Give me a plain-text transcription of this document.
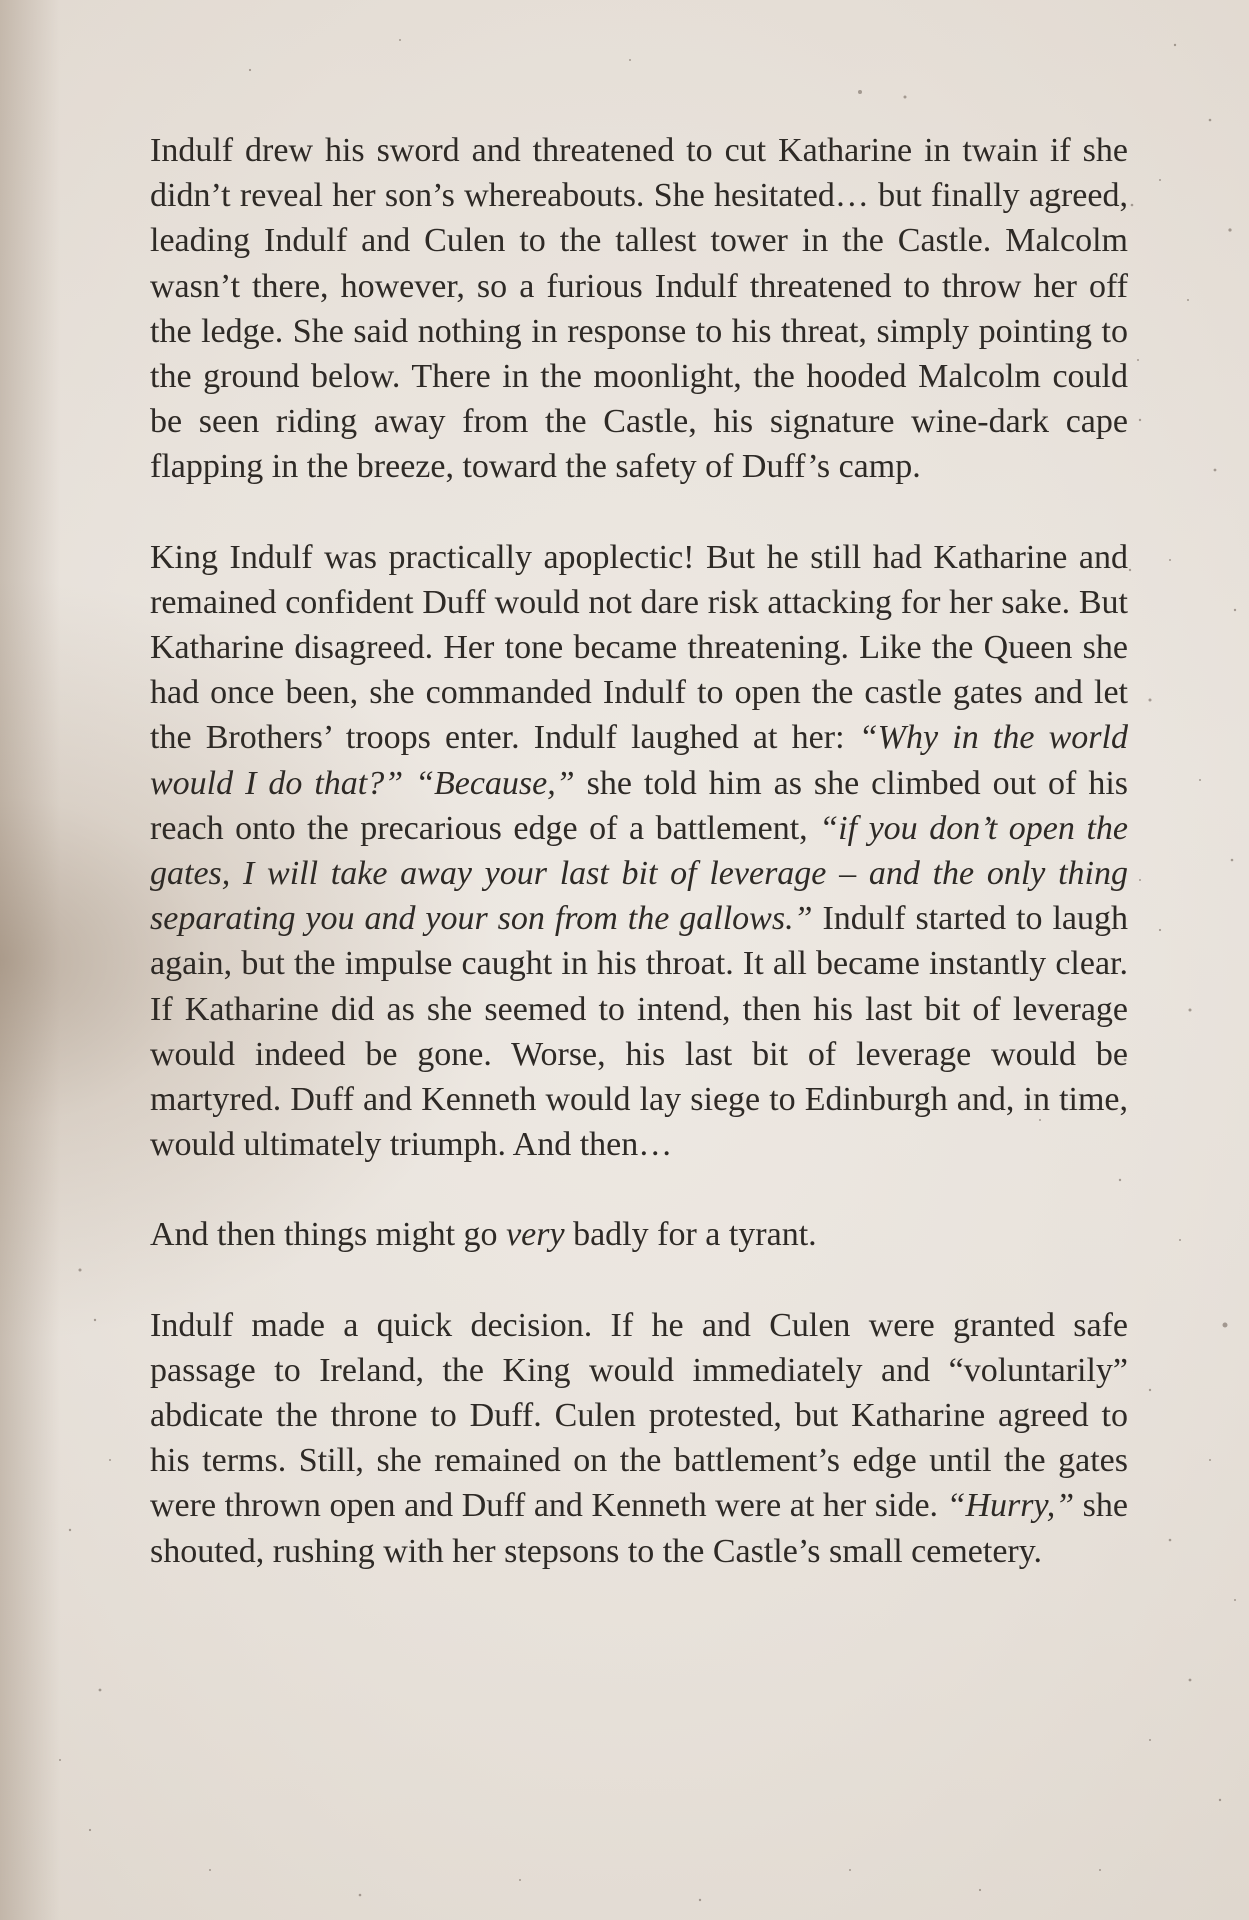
Indulf drew his sword and threatened to cut Katharine in twain if she didn’t reveal her son’s whereabouts. She hesitated… but finally agreed, leading Indulf and Culen to the tallest tower in the Castle. Malcolm wasn’t there, however, so a furious Indulf threatened to throw her off the ledge. She said nothing in response to his threat, simply pointing to the ground below. There in the moonlight, the hooded Malcolm could be seen riding away from the Castle, his signature wine-dark cape flapping in the breeze, toward the safety of Duff’s camp.

King Indulf was practically apoplectic! But he still had Katharine and remained confident Duff would not dare risk attacking for her sake. But Katharine disagreed. Her tone became threatening. Like the Queen she had once been, she commanded Indulf to open the castle gates and let the Brothers’ troops enter. Indulf laughed at her: “Why in the world would I do that?” “Because,” she told him as she climbed out of his reach onto the precarious edge of a battlement, “if you don’t open the gates, I will take away your last bit of leverage – and the only thing separating you and your son from the gallows.” Indulf started to laugh again, but the impulse caught in his throat. It all became instantly clear. If Katharine did as she seemed to intend, then his last bit of leverage would indeed be gone. Worse, his last bit of leverage would be martyred. Duff and Kenneth would lay siege to Edinburgh and, in time, would ultimately triumph. And then…

And then things might go very badly for a tyrant.

Indulf made a quick decision. If he and Culen were granted safe passage to Ireland, the King would immediately and “voluntarily” abdicate the throne to Duff. Culen protested, but Katharine agreed to his terms. Still, she remained on the battlement’s edge until the gates were thrown open and Duff and Kenneth were at her side. “Hurry,” she shouted, rushing with her stepsons to the Castle’s small cemetery.
